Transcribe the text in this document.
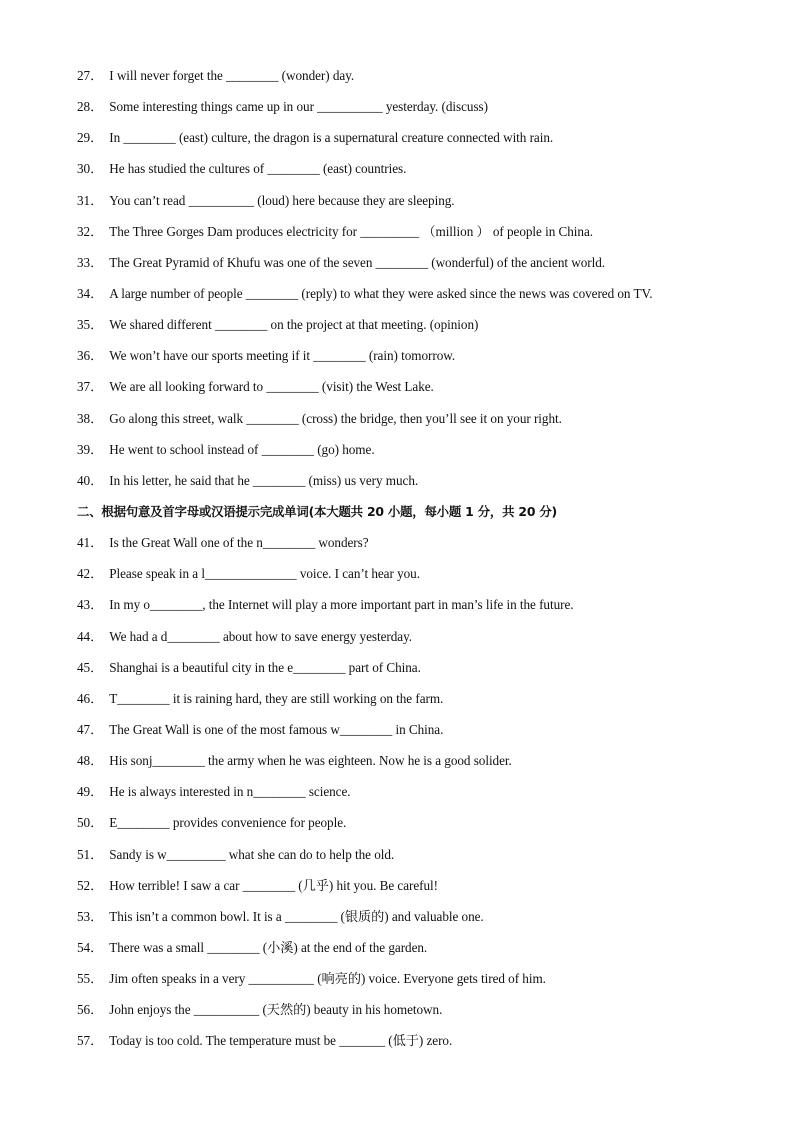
27． I will never forget the ________ (wonder) day.
28． Some interesting things came up in our __________ yesterday. (discuss)
29． In ________ (east) culture, the dragon is a supernatural creature connected with rain.
30． He has studied the cultures of ________ (east) countries.
31． You can’t read __________ (loud) here because they are sleeping.
32． The Three Gorges Dam produces electricity for _________ （million ） of people in China.
33． The Great Pyramid of Khufu was one of the seven ________ (wonderful) of the ancient world.
34． A large number of people ________ (reply) to what they were asked since the news was covered on TV.
35． We shared different ________ on the project at that meeting. (opinion)
36． We won’t have our sports meeting if it ________ (rain) tomorrow.
37． We are all looking forward to ________ (visit) the West Lake.
38． Go along this street, walk ________ (cross) the bridge, then you’ll see it on your right.
39． He went to school instead of ________ (go) home.
40． In his letter, he said that he ________ (miss) us very much.
二、根据句意及首字母或汉语提示完成单词(本大题共 20 小题，每小题 1 分，共 20 分)
41． Is the Great Wall one of the n________ wonders?
42． Please speak in a l______________ voice. I can’t hear you.
43． In my o________, the Internet will play a more important part in man’s life in the future.
44． We had a d________ about how to save energy yesterday.
45． Shanghai is a beautiful city in the e________ part of China.
46． T________ it is raining hard, they are still working on the farm.
47． The Great Wall is one of the most famous w________ in China.
48． His sonj________ the army when he was eighteen. Now he is a good solider.
49． He is always interested in n________ science.
50． E________ provides convenience for people.
51． Sandy is w_________ what she can do to help the old.
52． How terrible! I saw a car ________ (几乎) hit you. Be careful!
53． This isn’t a common bowl. It is a ________ (银质的) and valuable one.
54． There was a small ________ (小溪) at the end of the garden.
55． Jim often speaks in a very __________ (响亮的) voice. Everyone gets tired of him.
56． John enjoys the __________ (天然的) beauty in his hometown.
57． Today is too cold. The temperature must be _______ (低于) zero.
